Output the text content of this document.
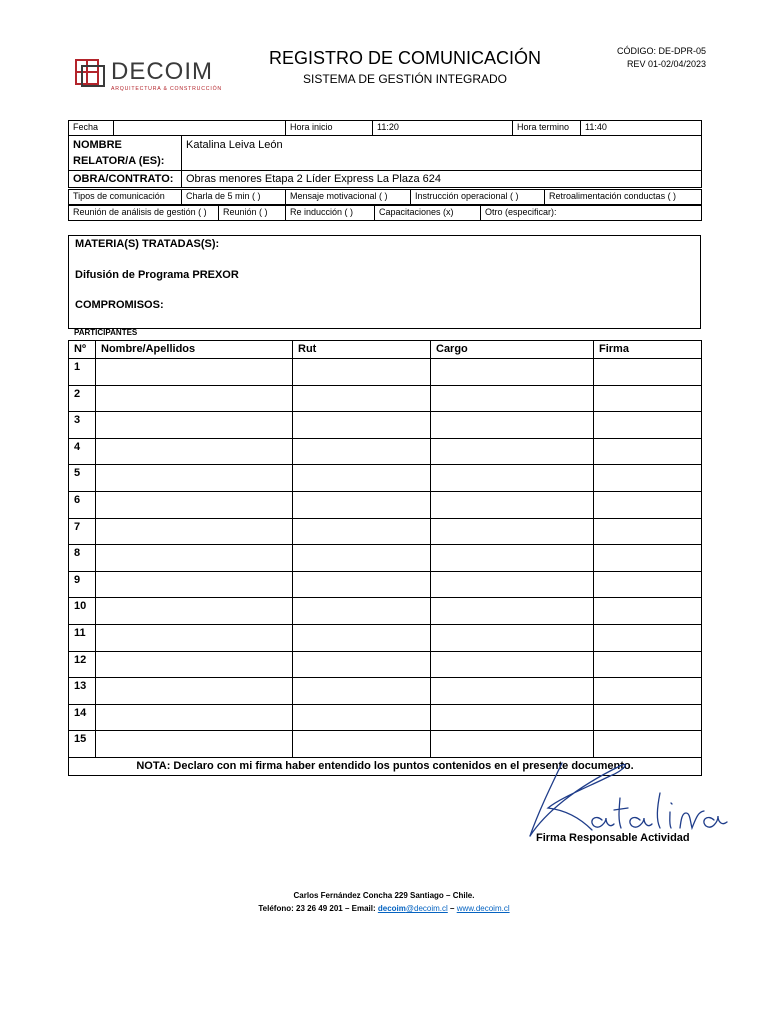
DECOIM
ARQUITECTURA & CONSTRUCCIÓN
REGISTRO DE COMUNICACIÓN
SISTEMA DE GESTIÓN INTEGRADO
CÓDIGO: DE-DPR-05
REV 01-02/04/2023
Fecha			Hora inicio	11:20	Hora termino	11:40

NOMBRE
RELATOR/A (ES):		Katalina Leiva León				
OBRA/CONTRATO:		Obras menores Etapa 2 Líder Express La Plaza 624				
Tipos de comunicación	Charla de 5 min ( )	Mensaje motivacional ( )	Instrucción operacional ( )	Retroalimentación conductas ( )
Reunión de análisis de gestión ( )	Reunión ( )	Re inducción ( )	Capacitaciones (x)	Otro (especificar):
MATERIA(S) TRATADAS(S):
Difusión de Programa PREXOR
COMPROMISOS:
PARTICIPANTES
Nº	Nombre/Apellidos	Rut	Cargo	Firma
1				
2				
3				
4				
5				
6				
7				
8				
9				
10				
11				
12				
13				
14				
15				
NOTA: Declaro con mi firma haber entendido los puntos contenidos en el presente documento.				
Firma Responsable Actividad
Carlos Fernández Concha 229 Santiago – Chile.
Teléfono: 23 26 49 201 – Email: decoim@decoim.cl – www.decoim.cl
